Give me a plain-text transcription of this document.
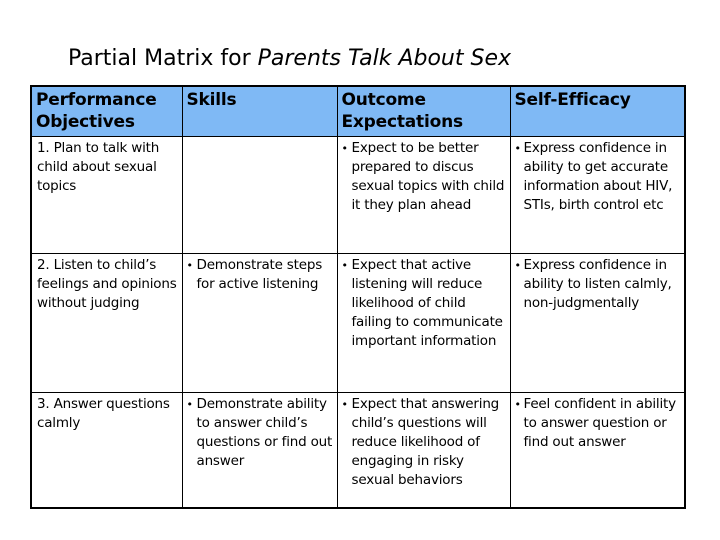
Partial Matrix for Parents Talk About Sex
Performance Objectives	Skills	Outcome Expectations	Self-Efficacy
1. Plan to talk with child about sexual topics		• Expect to be better prepared to discus sexual topics with child it they plan ahead	• Express confidence in ability to get accurate information about HIV, STIs, birth control etc

2. Listen to child’s feelings and opinions without judging	• Demonstrate steps for active listening	• Expect that active listening will reduce likelihood of child failing to communicate important information	• Express confidence in ability to listen calmly, non-judgmentally

3. Answer questions calmly	• Demonstrate ability to answer child’s questions or find out answer	• Expect that answering child’s questions will reduce likelihood of engaging in risky sexual behaviors	• Feel confident in ability to answer question or find out answer
